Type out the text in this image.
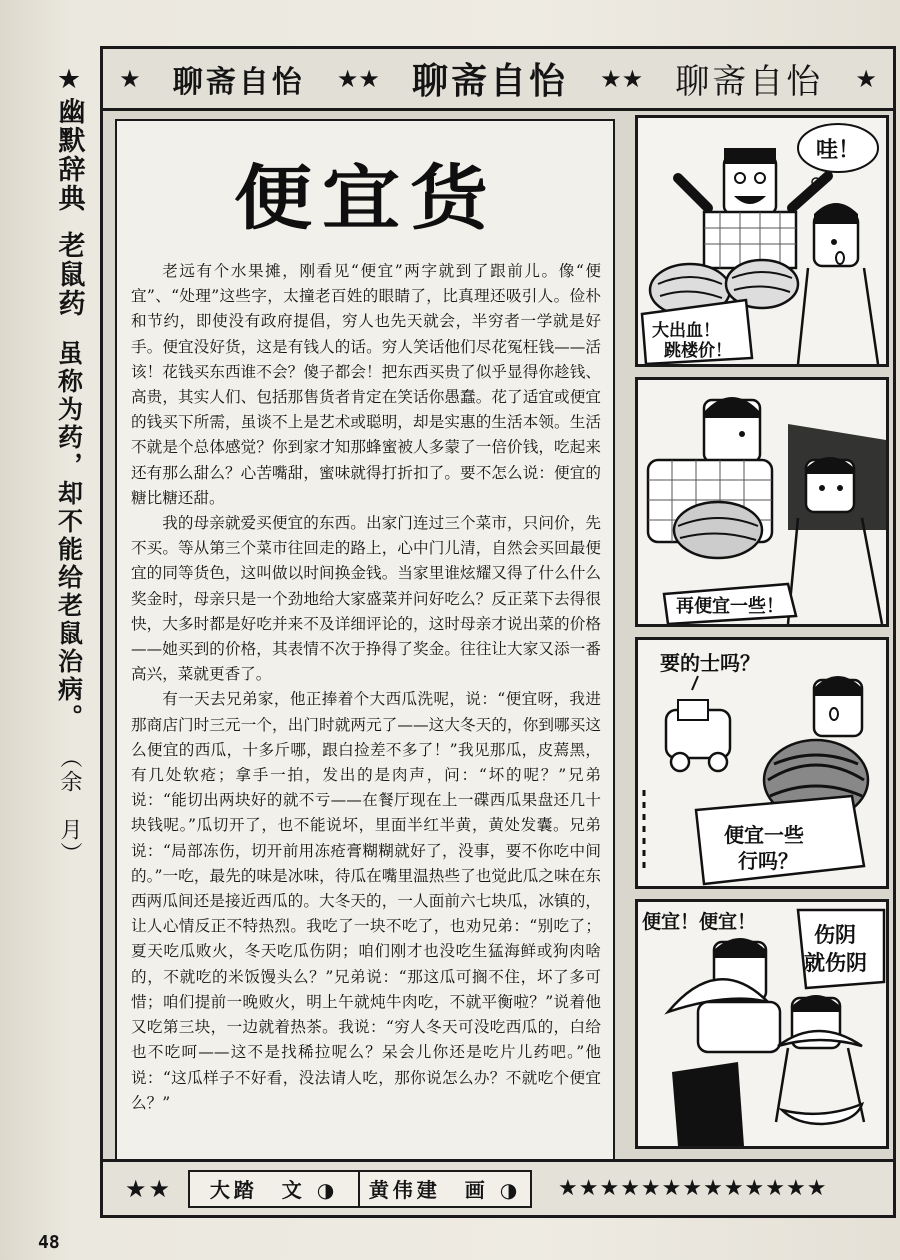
★幽默辞典
老鼠药
虽称为药，却不能给老鼠治病。
（余　月）
★ 聊斋自怡 ★★ 聊斋自怡 ★★ 聊斋自怡 ★
便宜货

老远有个水果摊，刚看见“便宜”两字就到了跟前儿。像“便宜”、“处理”这些字，太撞老百姓的眼睛了，比真理还吸引人。俭朴和节约，即使没有政府提倡，穷人也先天就会，半穷者一学就是好手。便宜没好货，这是有钱人的话。穷人笑话他们尽花冤枉钱——活该！花钱买东西谁不会？傻子都会！把东西买贵了似乎显得你趁钱、高贵，其实人们、包括那售货者肯定在笑话你愚蠢。花了适宜或便宜的钱买下所需，虽谈不上是艺术或聪明，却是实惠的生活本领。生活不就是个总体感觉？你到家才知那蜂蜜被人多蒙了一倍价钱，吃起来还有那么甜么？心苦嘴甜，蜜味就得打折扣了。要不怎么说：便宜的糖比糖还甜。

我的母亲就爱买便宜的东西。出家门连过三个菜市，只问价，先不买。等从第三个菜市往回走的路上，心中门儿清，自然会买回最便宜的同等货色，这叫做以时间换金钱。当家里谁炫耀又得了什么什么奖金时，母亲只是一个劲地给大家盛菜并问好吃么？反正菜下去得很快，大多时都是好吃并来不及详细评论的，这时母亲才说出菜的价格——她买到的价格，其表情不次于挣得了奖金。往往让大家又添一番高兴，菜就更香了。

有一天去兄弟家，他正捧着个大西瓜洗呢，说：“便宜呀，我进那商店门时三元一个，出门时就两元了——这大冬天的，你到哪买这么便宜的西瓜，十多斤哪，跟白捡差不多了！”我见那瓜，皮蔫黑，有几处软疮；拿手一拍，发出的是肉声，问：“坏的呢？”兄弟说：“能切出两块好的就不亏——在餐厅现在上一碟西瓜果盘还几十块钱呢。”瓜切开了，也不能说坏，里面半红半黄，黄处发囊。兄弟说：“局部冻伤，切开前用冻疮膏糊糊就好了，没事，要不你吃中间的。”一吃，最先的味是冰味，待瓜在嘴里温热些了也觉此瓜之味在东西两瓜间还是接近西瓜的。大冬天的，一人面前六七块瓜，冰镇的，让人心情反正不特热烈。我吃了一块不吃了，也劝兄弟：“别吃了；夏天吃瓜败火，冬天吃瓜伤阴；咱们刚才也没吃生猛海鲜或狗肉啥的，不就吃的米饭馒头么？”兄弟说：“那这瓜可搁不住，坏了多可惜；咱们提前一晚败火，明上午就炖牛肉吃，不就平衡啦？”说着他又吃第三块，一边就着热茶。我说：“穷人冬天可没吃西瓜的，白给也不吃呵——这不是找稀拉呢么？呆会儿你还是吃片儿药吧。”他说：“这瓜样子不好看，没法请人吃，那你说怎么办？不就吃个便宜么？”

哇！
大出血！
跳楼价！
再便宜一些！
要的士吗？
便宜一些
行吗？
便宜！便宜！
伤阴
就伤阴
★★	大踏　文 ◑	黄伟建　画 ◑	★★★★★★★★★★★★★
48
